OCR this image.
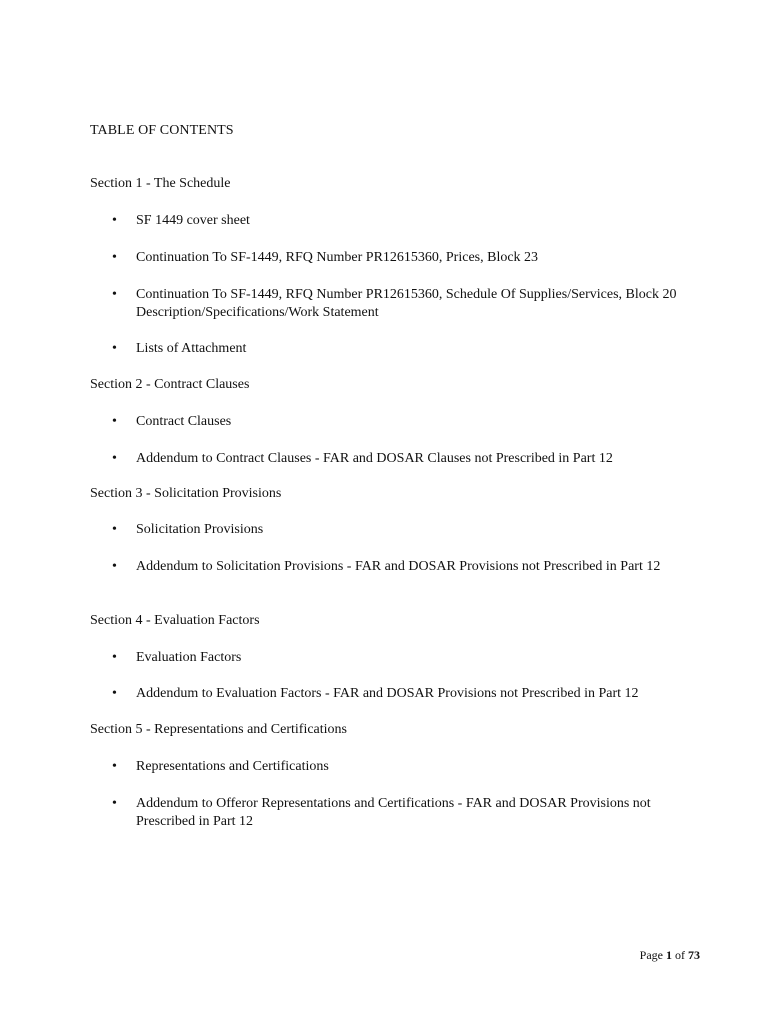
TABLE OF CONTENTS
Section 1 - The Schedule
•	SF 1449 cover sheet
•	Continuation To SF-1449, RFQ Number PR12615360, Prices, Block 23
•	Continuation To SF-1449, RFQ Number PR12615360, Schedule Of Supplies/Services, Block 20 Description/Specifications/Work Statement
•	Lists of Attachment
Section 2 - Contract Clauses
•	Contract Clauses
•	Addendum to Contract Clauses - FAR and DOSAR Clauses not Prescribed in Part 12
Section 3 - Solicitation Provisions
•	Solicitation Provisions
•	Addendum to Solicitation Provisions - FAR and DOSAR Provisions not Prescribed in Part 12
Section 4 - Evaluation Factors
•	Evaluation Factors
•	Addendum to Evaluation Factors - FAR and DOSAR Provisions not Prescribed in Part 12
Section 5 - Representations and Certifications
•	Representations and Certifications
•	Addendum to Offeror Representations and Certifications - FAR and DOSAR Provisions not Prescribed in Part 12
Page 1 of 73
